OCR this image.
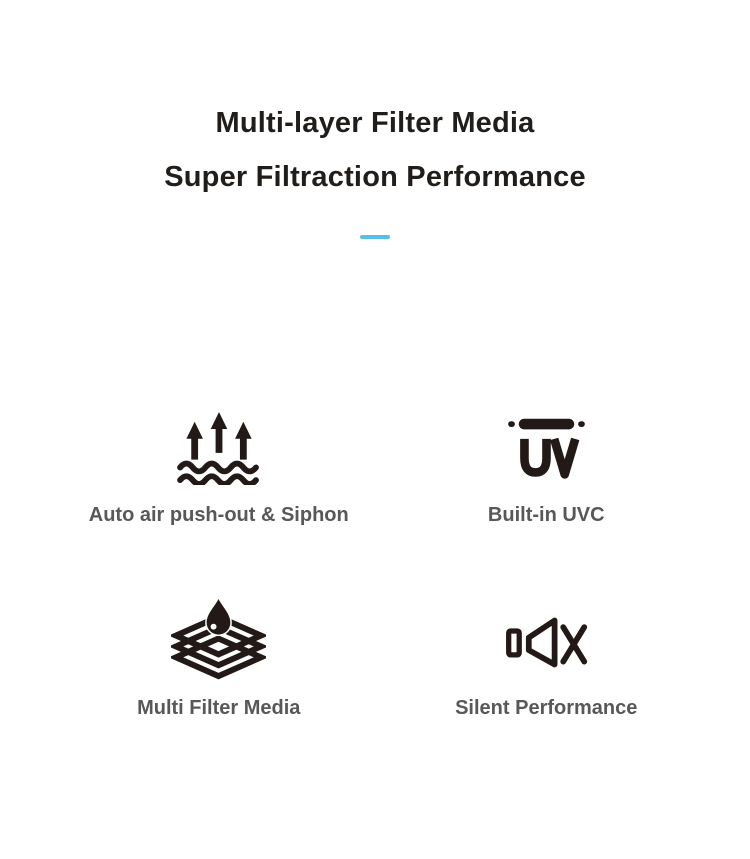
Multi-layer Filter Media
Super Filtraction Performance
Auto air push-out & Siphon	Built-in UVC
Multi Filter Media	Silent Performance
